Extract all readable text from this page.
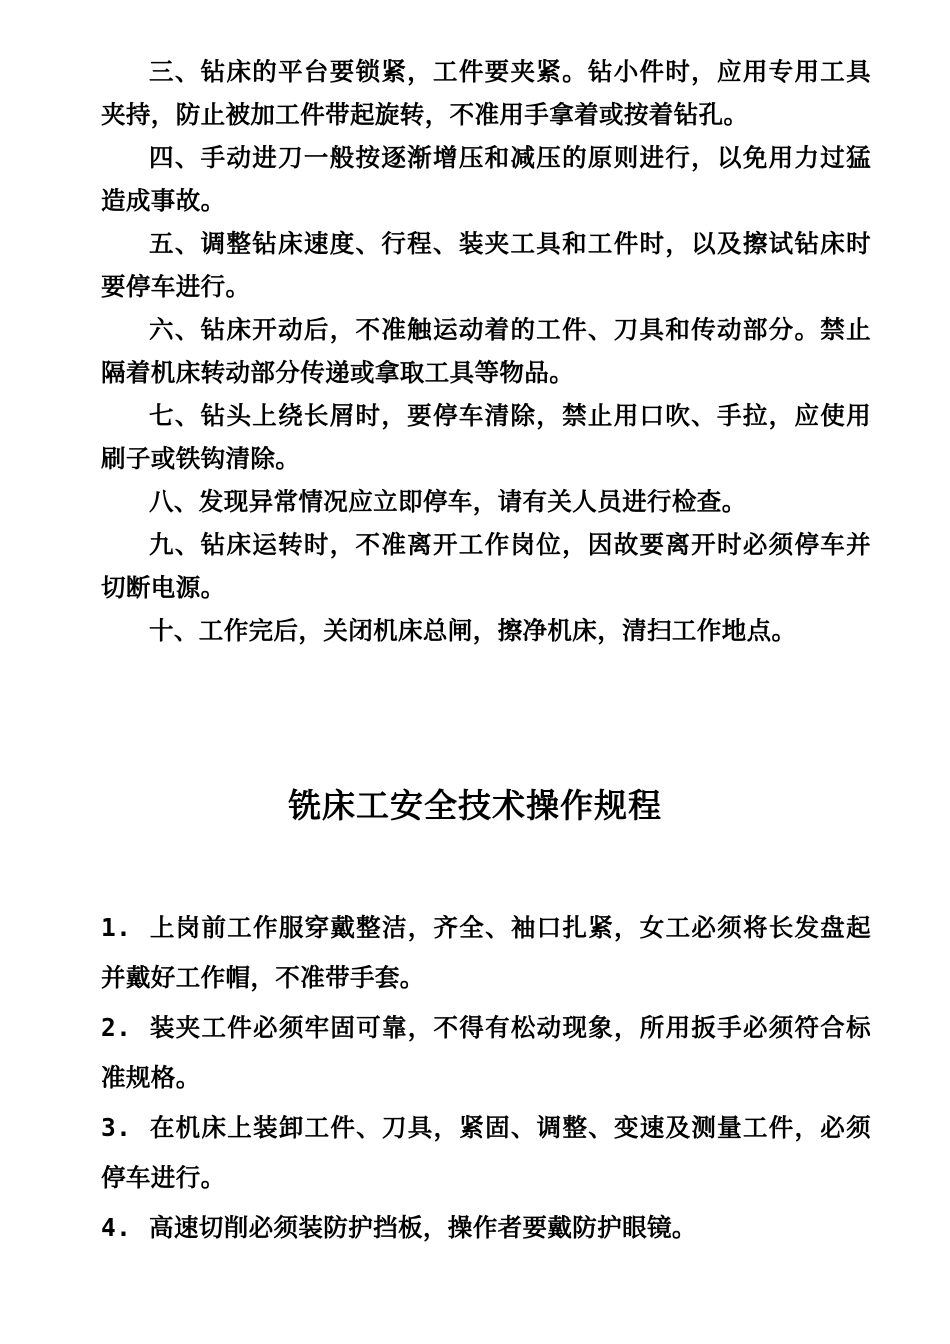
三、钻床的平台要锁紧，工件要夹紧。钻小件时，应用专用工具夹持，防止被加工件带起旋转，不准用手拿着或按着钻孔。

四、手动进刀一般按逐渐增压和减压的原则进行，以免用力过猛造成事故。

五、调整钻床速度、行程、装夹工具和工件时，以及擦试钻床时要停车进行。

六、钻床开动后，不准触运动着的工件、刀具和传动部分。禁止隔着机床转动部分传递或拿取工具等物品。

七、钻头上绕长屑时，要停车清除，禁止用口吹、手拉，应使用刷子或铁钩清除。

八、发现异常情况应立即停车，请有关人员进行检查。

九、钻床运转时，不准离开工作岗位，因故要离开时必须停车并切断电源。

十、工作完后，关闭机床总闸，擦净机床，清扫工作地点。

铣床工安全技术操作规程

1. 上岗前工作服穿戴整洁，齐全、袖口扎紧，女工必须将长发盘起并戴好工作帽，不准带手套。

2. 装夹工件必须牢固可靠，不得有松动现象，所用扳手必须符合标准规格。

3. 在机床上装卸工件、刀具，紧固、调整、变速及测量工件，必须停车进行。

4. 高速切削必须装防护挡板，操作者要戴防护眼镜。
